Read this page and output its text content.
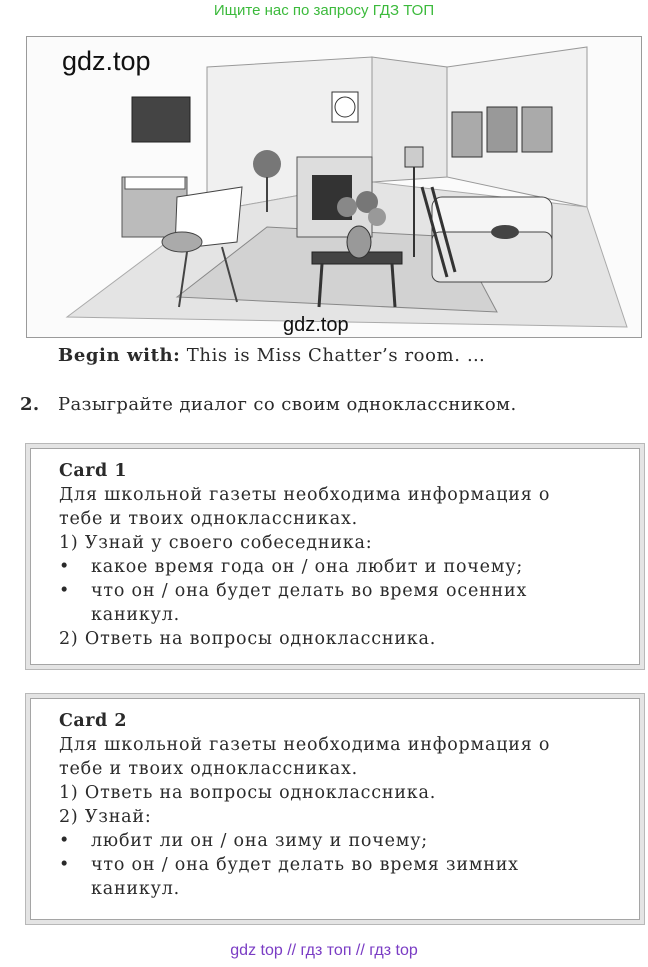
Ищите нас по запросу ГДЗ ТОП
gdz.top
gdz.top
Begin with: This is Miss Chatter’s room. …
2. Разыграйте диалог со своим одноклассником.
Card 1
Для школьной газеты необходима информация о
тебе и твоих одноклассниках.
1) Узнай у своего собеседника:
•	какое время года он / она любит и почему;
•	что он / она будет делать во время осенних
каникул.
2) Ответь на вопросы одноклассника.
Card 2
Для школьной газеты необходима информация о
тебе и твоих одноклассниках.
1) Ответь на вопросы одноклассника.
2) Узнай:
•	любит ли он / она зиму и почему;
•	что он / она будет делать во время зимних
каникул.
gdz top // гдз топ // гдз top
